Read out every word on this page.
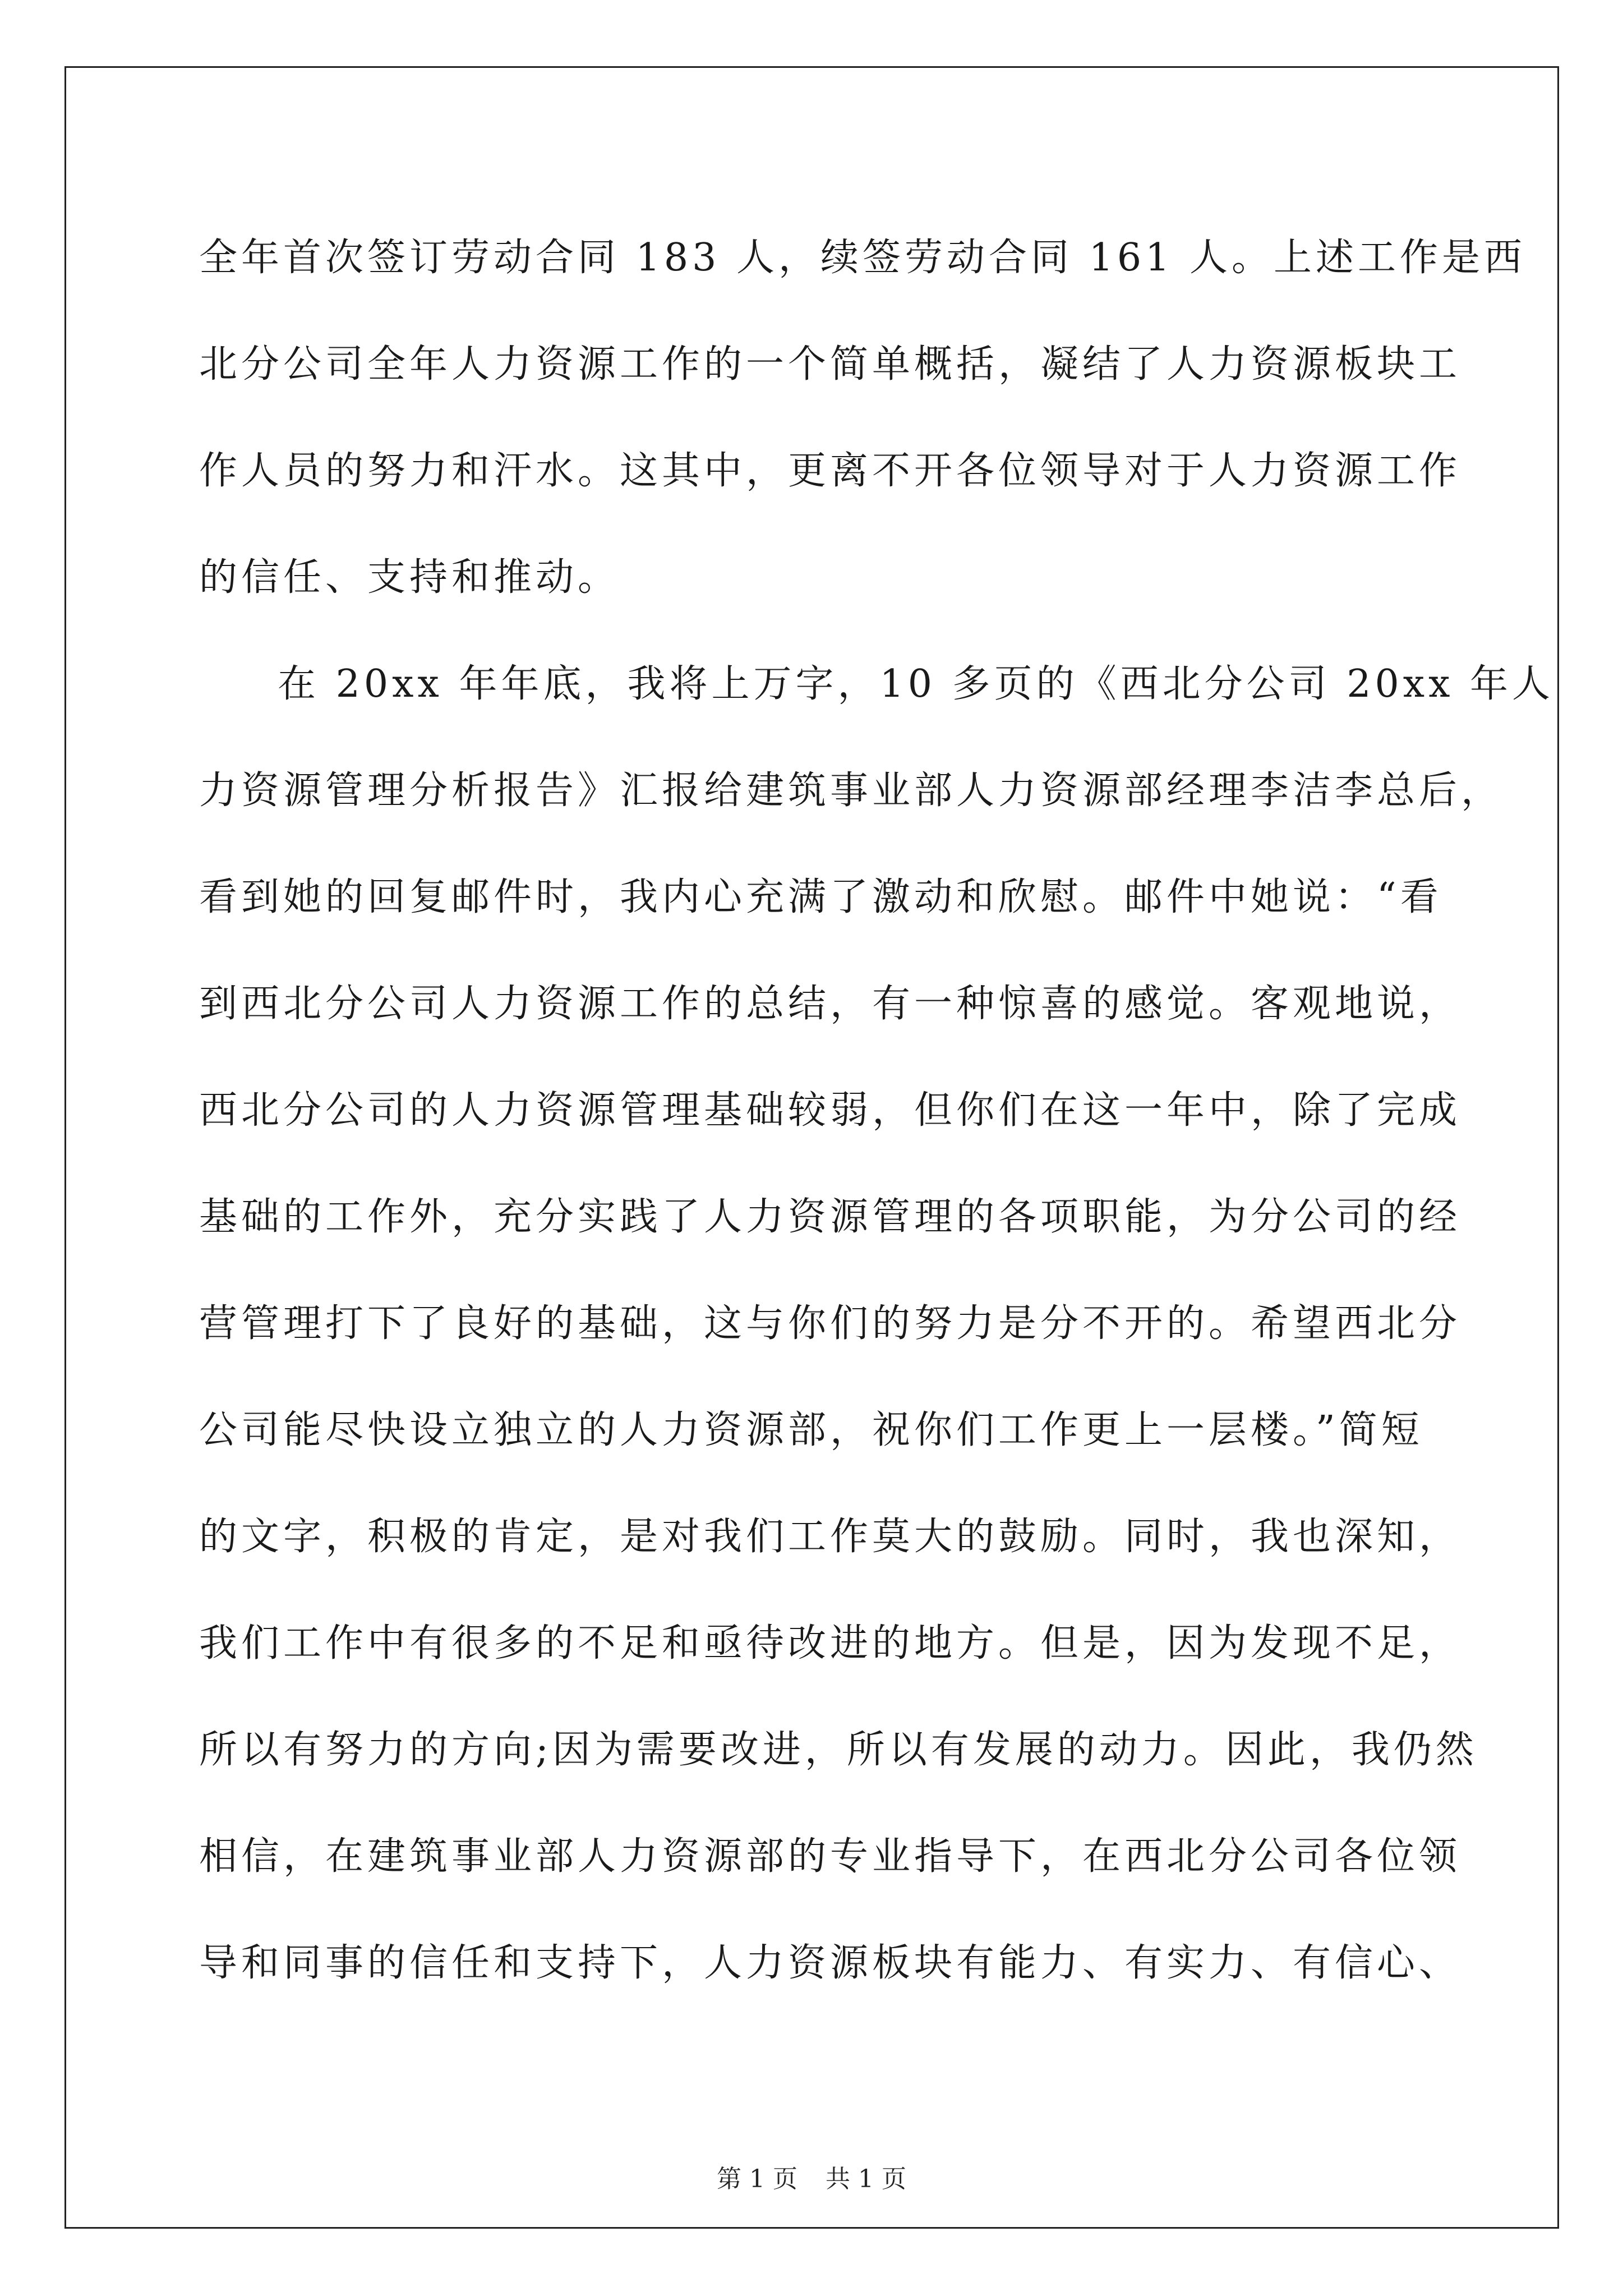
全年首次签订劳动合同 183 人，续签劳动合同 161 人。上述工作是西
北分公司全年人力资源工作的一个简单概括，凝结了人力资源板块工
作人员的努力和汗水。这其中，更离不开各位领导对于人力资源工作
的信任、支持和推动。
在 20xx 年年底，我将上万字，10 多页的《西北分公司 20xx 年人
力资源管理分析报告》汇报给建筑事业部人力资源部经理李洁李总后，
看到她的回复邮件时，我内心充满了激动和欣慰。邮件中她说：“看
到西北分公司人力资源工作的总结，有一种惊喜的感觉。客观地说，
西北分公司的人力资源管理基础较弱，但你们在这一年中，除了完成
基础的工作外，充分实践了人力资源管理的各项职能，为分公司的经
营管理打下了良好的基础，这与你们的努力是分不开的。希望西北分
公司能尽快设立独立的人力资源部，祝你们工作更上一层楼。”简短
的文字，积极的肯定，是对我们工作莫大的鼓励。同时，我也深知，
我们工作中有很多的不足和亟待改进的地方。但是，因为发现不足，
所以有努力的方向;因为需要改进，所以有发展的动力。因此，我仍然
相信，在建筑事业部人力资源部的专业指导下，在西北分公司各位领
导和同事的信任和支持下，人力资源板块有能力、有实力、有信心、
第 1 页 共 1 页
